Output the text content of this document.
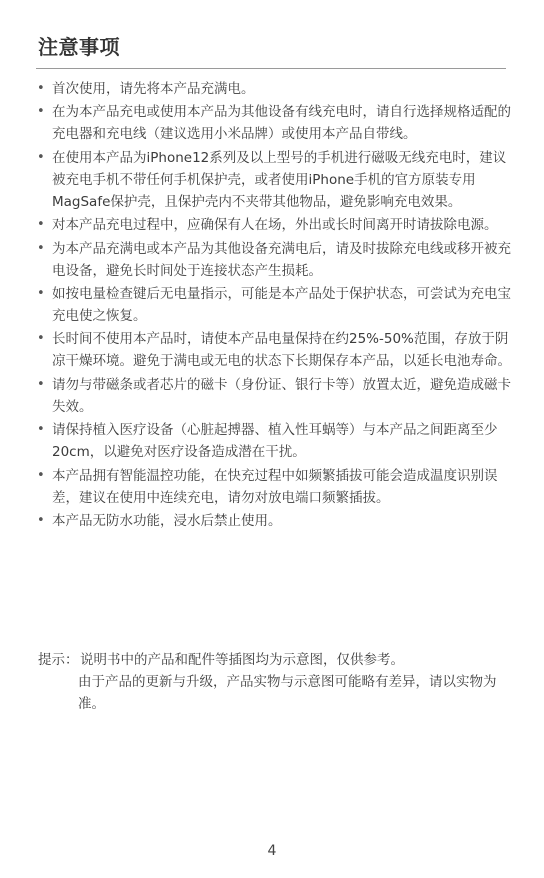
注意事项
• 首次使用，请先将本产品充满电。
• 在为本产品充电或使用本产品为其他设备有线充电时，请自行选择规格适配的充电器和充电线（建议选用小米品牌）或使用本产品自带线。
• 在使用本产品为iPhone12系列及以上型号的手机进行磁吸无线充电时，建议被充电手机不带任何手机保护壳，或者使用iPhone手机的官方原装专用MagSafe保护壳，且保护壳内不夹带其他物品，避免影响充电效果。
• 对本产品充电过程中，应确保有人在场，外出或长时间离开时请拔除电源。
• 为本产品充满电或本产品为其他设备充满电后，请及时拔除充电线或移开被充电设备，避免长时间处于连接状态产生损耗。
• 如按电量检查键后无电量指示，可能是本产品处于保护状态，可尝试为充电宝充电使之恢复。
• 长时间不使用本产品时，请使本产品电量保持在约25%-50%范围，存放于阴凉干燥环境。避免于满电或无电的状态下长期保存本产品，以延长电池寿命。
• 请勿与带磁条或者芯片的磁卡（身份证、银行卡等）放置太近，避免造成磁卡失效。
• 请保持植入医疗设备（心脏起搏器、植入性耳蜗等）与本产品之间距离至少20cm，以避免对医疗设备造成潜在干扰。
• 本产品拥有智能温控功能，在快充过程中如频繁插拔可能会造成温度识别误差，建议在使用中连续充电，请勿对放电端口频繁插拔。
• 本产品无防水功能，浸水后禁止使用。
提示： 说明书中的产品和配件等插图均为示意图，仅供参考。
由于产品的更新与升级，产品实物与示意图可能略有差异，请以实物为准。
4
